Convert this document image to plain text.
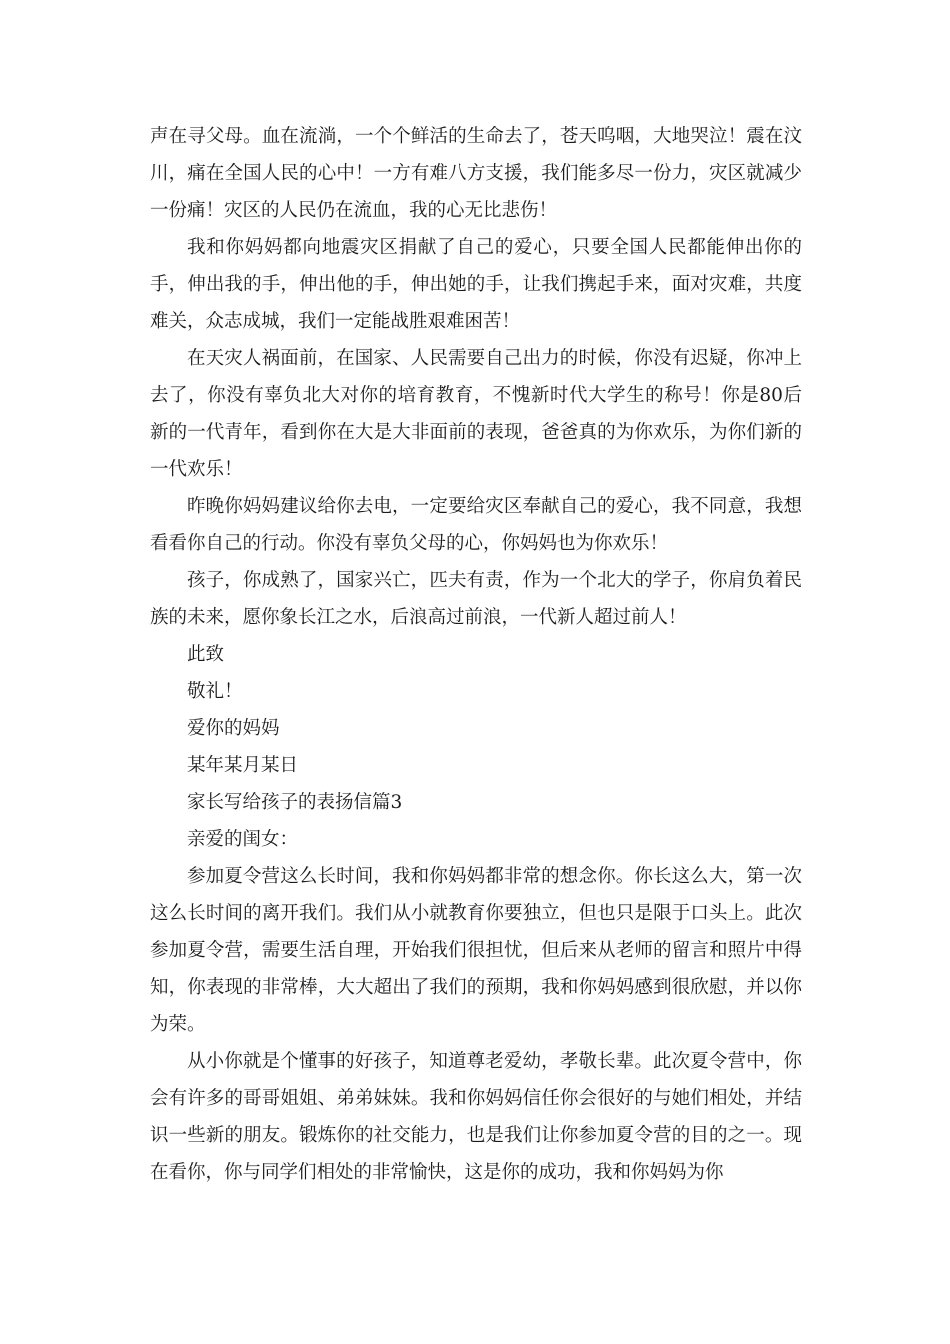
声在寻父母。血在流淌，一个个鲜活的生命去了，苍天呜咽，大地哭泣！震在汶川，痛在全国人民的心中！一方有难八方支援，我们能多尽一份力，灾区就减少一份痛！灾区的人民仍在流血，我的心无比悲伤！

我和你妈妈都向地震灾区捐献了自己的爱心，只要全国人民都能伸出你的手，伸出我的手，伸出他的手，伸出她的手，让我们携起手来，面对灾难，共度难关，众志成城，我们一定能战胜艰难困苦！

在天灾人祸面前，在国家、人民需要自己出力的时候，你没有迟疑，你冲上去了，你没有辜负北大对你的培育教育，不愧新时代大学生的称号！你是80后新的一代青年，看到你在大是大非面前的表现，爸爸真的为你欢乐，为你们新的一代欢乐！

昨晚你妈妈建议给你去电，一定要给灾区奉献自己的爱心，我不同意，我想看看你自己的行动。你没有辜负父母的心，你妈妈也为你欢乐！

孩子，你成熟了，国家兴亡，匹夫有责，作为一个北大的学子，你肩负着民族的未来，愿你象长江之水，后浪高过前浪，一代新人超过前人！

此致
敬礼！
爱你的妈妈
某年某月某日
家长写给孩子的表扬信篇3
亲爱的闺女：

参加夏令营这么长时间，我和你妈妈都非常的想念你。你长这么大，第一次这么长时间的离开我们。我们从小就教育你要独立，但也只是限于口头上。此次参加夏令营，需要生活自理，开始我们很担忧，但后来从老师的留言和照片中得知，你表现的非常棒，大大超出了我们的预期，我和你妈妈感到很欣慰，并以你为荣。

从小你就是个懂事的好孩子，知道尊老爱幼，孝敬长辈。此次夏令营中，你会有许多的哥哥姐姐、弟弟妹妹。我和你妈妈信任你会很好的与她们相处，并结识一些新的朋友。锻炼你的社交能力，也是我们让你参加夏令营的目的之一。现在看你，你与同学们相处的非常愉快，这是你的成功，我和你妈妈为你
